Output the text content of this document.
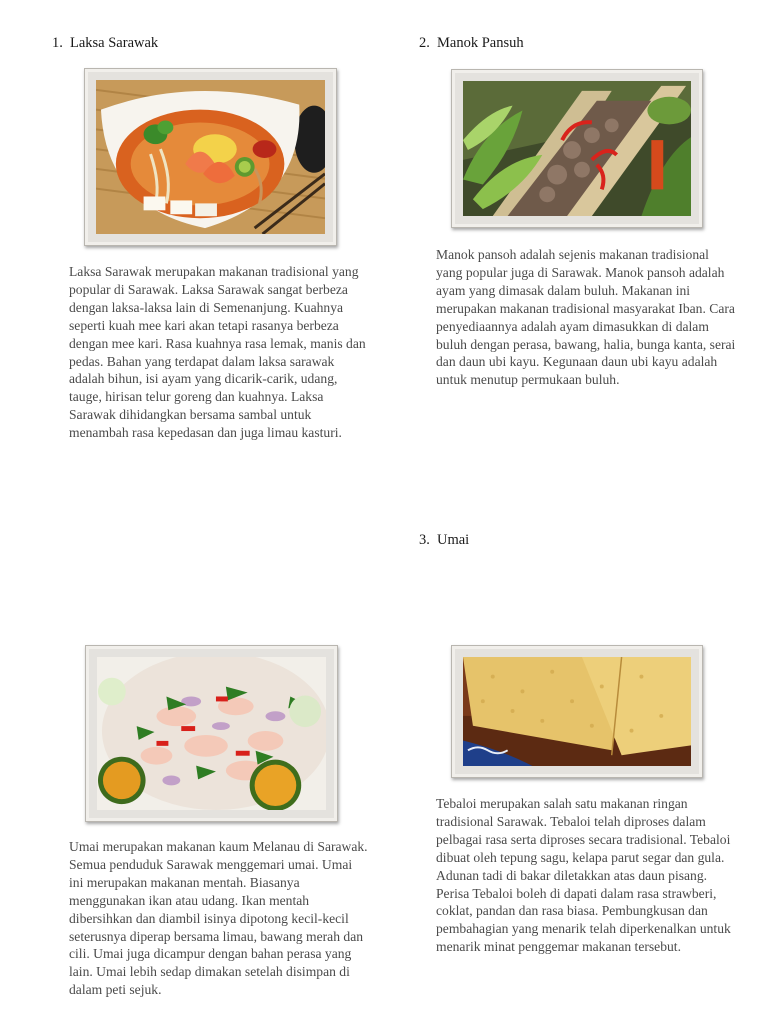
1. Laksa Sarawak	2. Manok Pansuh
3. Umai

Laksa Sarawak merupakan makanan tradisional yang popular di Sarawak. Laksa Sarawak sangat berbeza dengan laksa-laksa lain di Semenanjung. Kuahnya seperti kuah mee kari akan tetapi rasanya berbeza dengan mee kari. Rasa kuahnya rasa lemak, manis dan pedas. Bahan yang terdapat dalam laksa sarawak adalah bihun, isi ayam yang dicarik-carik, udang, tauge, hirisan telur goreng dan kuahnya. Laksa Sarawak dihidangkan bersama sambal untuk menambah rasa kepedasan dan juga limau kasturi.

Manok pansoh adalah sejenis makanan tradisional yang popular juga di Sarawak. Manok pansoh adalah ayam yang dimasak dalam buluh. Makanan ini merupakan makanan tradisional masyarakat Iban. Cara penyediaannya adalah ayam dimasukkan di dalam buluh dengan perasa, bawang, halia, bunga kanta, serai dan daun ubi kayu. Kegunaan daun ubi kayu adalah untuk menutup permukaan buluh.

Umai merupakan makanan kaum Melanau di Sarawak. Semua penduduk Sarawak menggemari umai. Umai ini merupakan makanan mentah. Biasanya menggunakan ikan atau udang. Ikan mentah dibersihkan dan diambil isinya dipotong kecil-kecil seterusnya diperap bersama limau, bawang merah dan cili. Umai juga dicampur dengan bahan perasa yang lain. Umai lebih sedap dimakan setelah disimpan di dalam peti sejuk.

Tebaloi merupakan salah satu makanan ringan tradisional Sarawak. Tebaloi telah diproses dalam pelbagai rasa serta diproses secara tradisional. Tebaloi dibuat oleh tepung sagu, kelapa parut segar dan gula. Adunan tadi di bakar diletakkan atas daun pisang. Perisa Tebaloi boleh di dapati dalam rasa strawberi, coklat, pandan dan rasa biasa. Pembungkusan dan pembahagian yang menarik telah diperkenalkan untuk menarik minat penggemar makanan tersebut.
